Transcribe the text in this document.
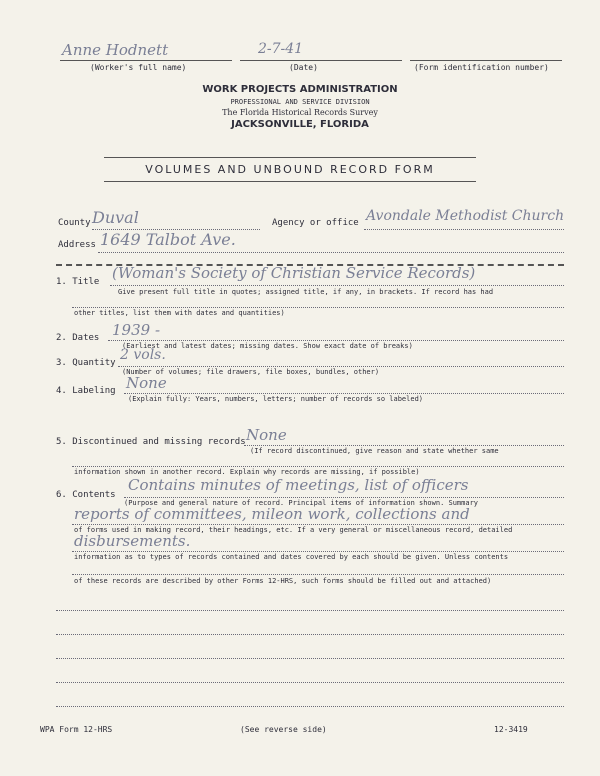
Anne Hodnett	2-7-41
(Worker's full name)	(Date)	(Form identification number)
WORK PROJECTS ADMINISTRATION
PROFESSIONAL AND SERVICE DIVISION
The Florida Historical Records Survey
JACKSONVILLE, FLORIDA
VOLUMES AND UNBOUND RECORD FORM
County Duval	Agency or office Avondale Methodist Church
Address 1649 Talbot Ave.
1. Title (Woman's Society of Christian Service Records)
Give present full title in quotes; assigned title, if any, in brackets. If record has had
other titles, list them with dates and quantities)
2. Dates 1939 -
(Earliest and latest dates; missing dates. Show exact date of breaks)
3. Quantity 2 vols.
(Number of volumes; file drawers, file boxes, bundles, other)
4. Labeling None
(Explain fully: Years, numbers, letters; number of records so labeled)
5. Discontinued and missing records None
(If record discontinued, give reason and state whether same
information shown in another record. Explain why records are missing, if possible)
6. Contents
Contains minutes of meetings, list of officers
(Purpose and general nature of record. Principal items of information shown. Summary
reports of committees, mileon work, collections and
of forms used in making record, their headings, etc. If a very general or miscellaneous record, detailed
disbursements.
information as to types of records contained and dates covered by each should be given. Unless contents
of these records are described by other Forms 12-HRS, such forms should be filled out and attached)
WPA Form 12-HRS	(See reverse side)	12-3419
